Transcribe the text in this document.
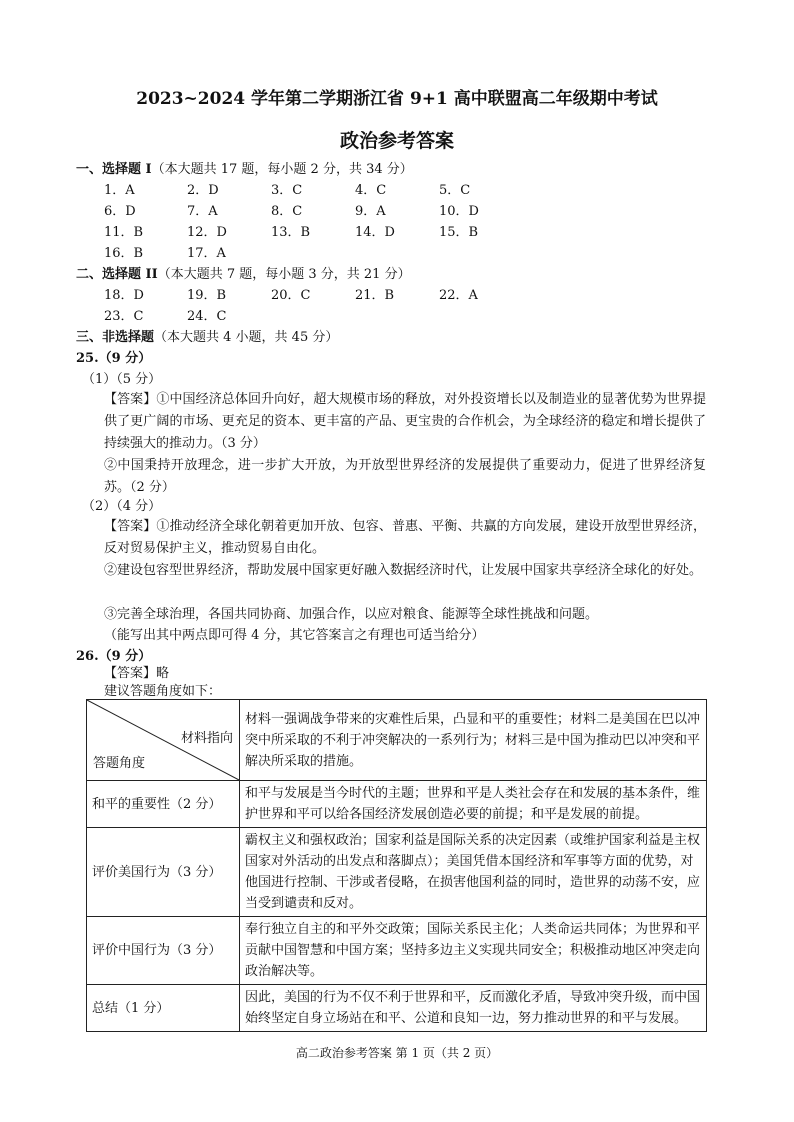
2023~2024 学年第二学期浙江省 9+1 高中联盟高二年级期中考试
政治参考答案
一、选择题 I（本大题共 17 题，每小题 2 分，共 34 分）
1．A	2．D	3．C	4．C	5．C
6．D	7．A	8．C	9．A	10．D
11．B	12．D	13．B	14．D	15．B
16．B	17．A
二、选择题 II（本大题共 7 题，每小题 3 分，共 21 分）
18．D	19．B	20．C	21．B	22．A
23．C	24．C
三、非选择题（本大题共 4 小题，共 45 分）
25.（9 分）
（1）（5 分）
【答案】①中国经济总体回升向好，超大规模市场的释放，对外投资增长以及制造业的显著优势为世界提供了更广阔的市场、更充足的资本、更丰富的产品、更宝贵的合作机会，为全球经济的稳定和增长提供了持续强大的推动力。（3 分）
②中国秉持开放理念，进一步扩大开放，为开放型世界经济的发展提供了重要动力，促进了世界经济复苏。（2 分）
（2）（4 分）
【答案】①推动经济全球化朝着更加开放、包容、普惠、平衡、共赢的方向发展，建设开放型世界经济，反对贸易保护主义，推动贸易自由化。
②建设包容型世界经济，帮助发展中国家更好融入数据经济时代，让发展中国家共享经济全球化的好处。
③完善全球治理，各国共同协商、加强合作，以应对粮食、能源等全球性挑战和问题。
（能写出其中两点即可得 4 分，其它答案言之有理也可适当给分）
26.（9 分）
【答案】略
建议答题角度如下：
材料指向
答题角度	材料一强调战争带来的灾难性后果，凸显和平的重要性；材料二是美国在巴以冲突中所采取的不利于冲突解决的一系列行为；材料三是中国为推动巴以冲突和平解决所采取的措施。
和平的重要性（2 分）	和平与发展是当今时代的主题；世界和平是人类社会存在和发展的基本条件，维护世界和平可以给各国经济发展创造必要的前提；和平是发展的前提。
评价美国行为（3 分）	霸权主义和强权政治；国家利益是国际关系的决定因素（或维护国家利益是主权国家对外活动的出发点和落脚点）；美国凭借本国经济和军事等方面的优势，对他国进行控制、干涉或者侵略，在损害他国利益的同时，造世界的动荡不安，应当受到谴责和反对。
评价中国行为（3 分）	奉行独立自主的和平外交政策；国际关系民主化；人类命运共同体；为世界和平贡献中国智慧和中国方案；坚持多边主义实现共同安全；积极推动地区冲突走向政治解决等。
总结（1 分）	因此，美国的行为不仅不利于世界和平，反而激化矛盾，导致冲突升级，而中国始终坚定自身立场站在和平、公道和良知一边，努力推动世界的和平与发展。
高二政治参考答案 第 1 页（共 2 页）
